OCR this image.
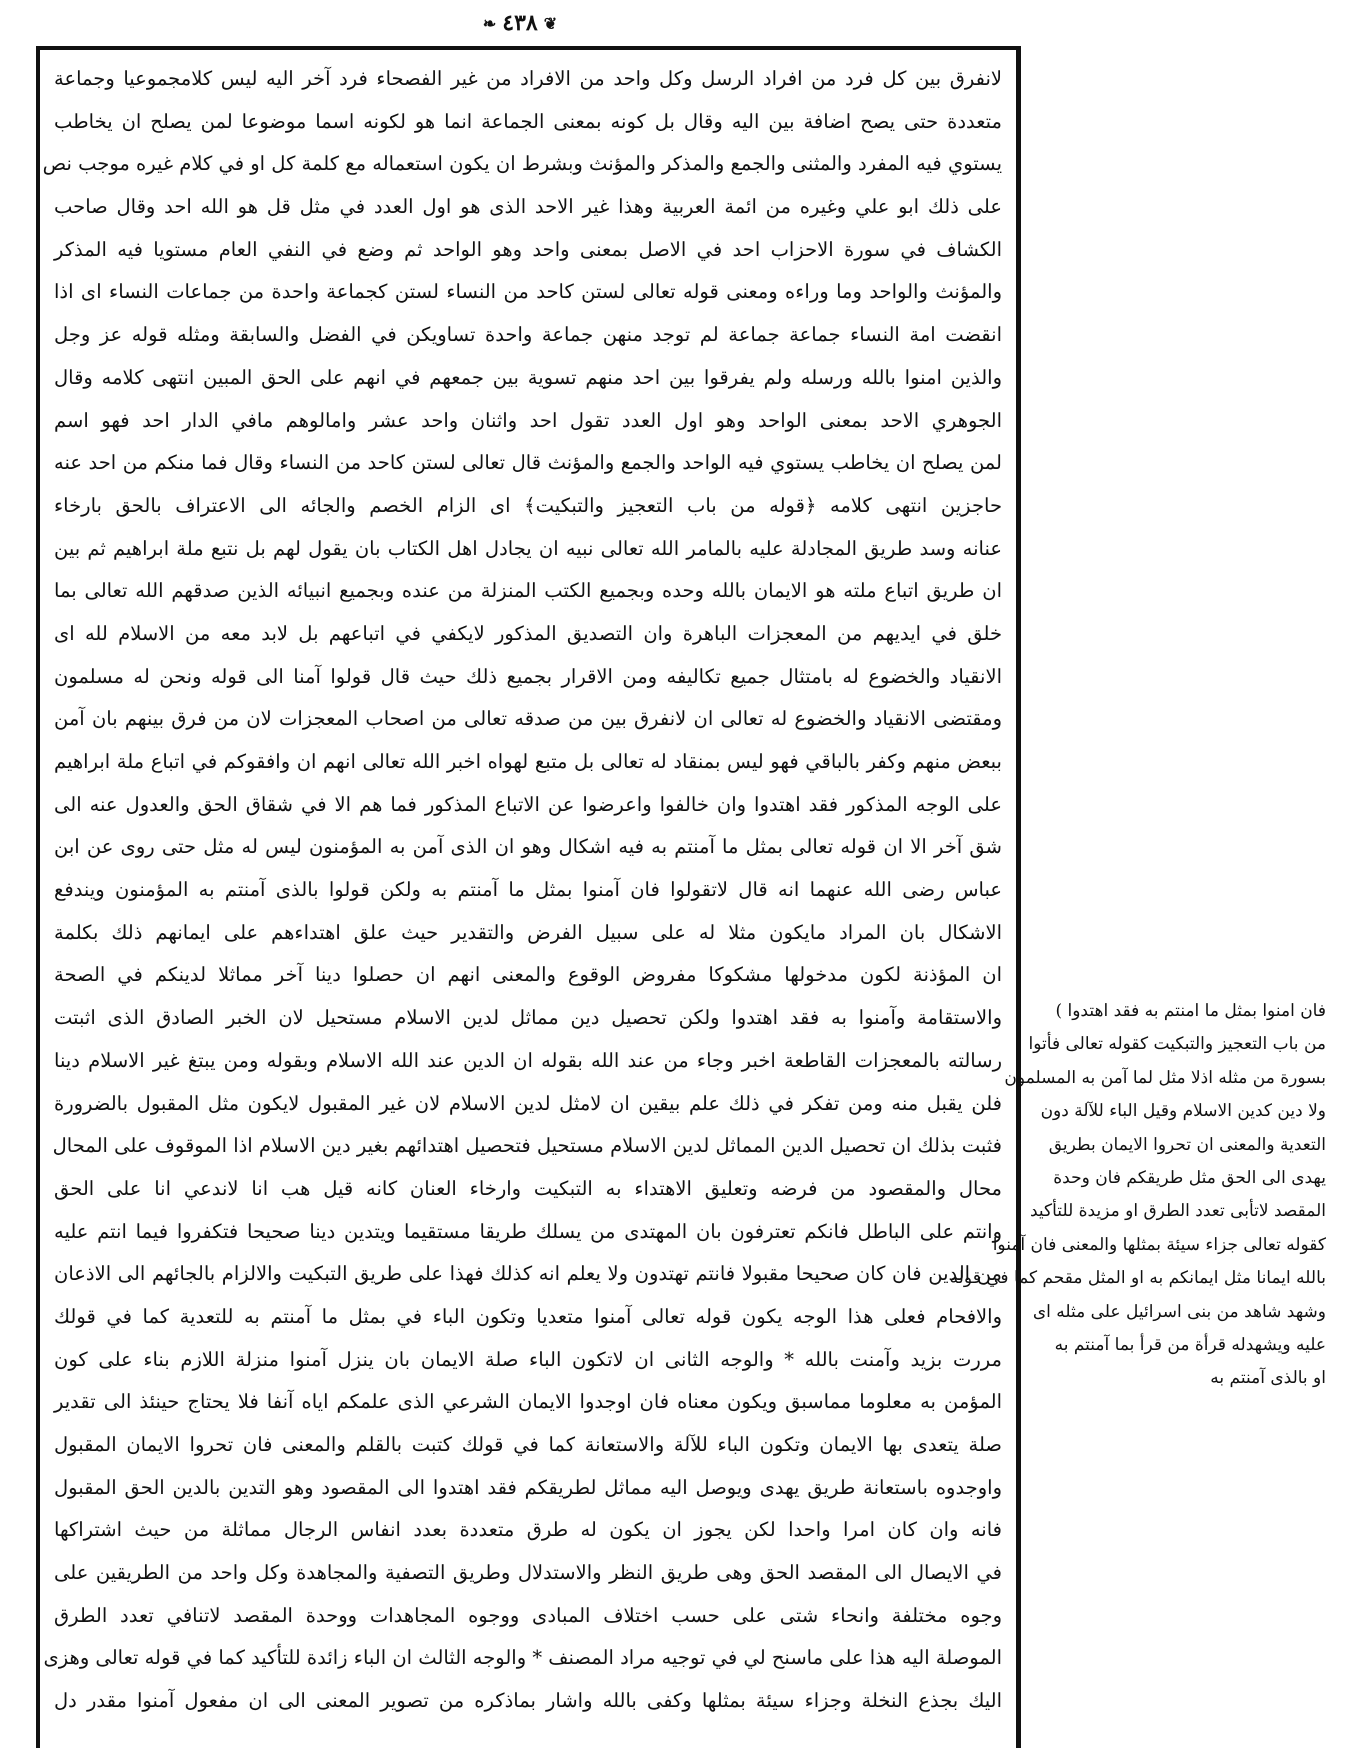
❦
٤٣٨
❧
لانفرق بين كل فرد من افراد الرسل وكل واحد من الافراد من غير الفصحاء فرد آخر اليه ليس كلامجموعيا وجماعة
متعددة حتى يصح اضافة بين اليه وقال بل كونه بمعنى الجماعة انما هو لكونه اسما موضوعا لمن يصلح ان يخاطب
يستوي فيه المفرد والمثنى والجمع والمذكر والمؤنث وبشرط ان يكون استعماله مع كلمة كل او في كلام غيره موجب نص
على ذلك ابو علي وغيره من ائمة العربية وهذا غير الاحد الذى هو اول العدد في مثل قل هو الله احد وقال صاحب
الكشاف في سورة الاحزاب احد في الاصل بمعنى واحد وهو الواحد ثم وضع في النفي العام مستويا فيه المذكر
والمؤنث والواحد وما وراءه ومعنى قوله تعالى لستن كاحد من النساء لستن كجماعة واحدة من جماعات النساء اى اذا
انقضت امة النساء جماعة جماعة لم توجد منهن جماعة واحدة تساويكن في الفضل والسابقة ومثله قوله عز وجل
والذين امنوا بالله ورسله ولم يفرقوا بين احد منهم تسوية بين جمعهم في انهم على الحق المبين انتهى كلامه وقال
الجوهري الاحد بمعنى الواحد وهو اول العدد تقول احد واثنان واحد عشر وامالوهم مافي الدار احد فهو اسم
لمن يصلح ان يخاطب يستوي فيه الواحد والجمع والمؤنث قال تعالى لستن كاحد من النساء وقال فما منكم من احد عنه
حاجزين انتهى كلامه ﴿قوله من باب التعجيز والتبكيت﴾ اى الزام الخصم والجائه الى الاعتراف بالحق بارخاء
عنانه وسد طريق المجادلة عليه بالمامر الله تعالى نبيه ان يجادل اهل الكتاب بان يقول لهم بل نتبع ملة ابراهيم ثم بين
ان طريق اتباع ملته هو الايمان بالله وحده وبجميع الكتب المنزلة من عنده وبجميع انبيائه الذين صدقهم الله تعالى بما
خلق في ايديهم من المعجزات الباهرة وان التصديق المذكور لايكفي في اتباعهم بل لابد معه من الاسلام لله اى
الانقياد والخضوع له بامتثال جميع تكاليفه ومن الاقرار بجميع ذلك حيث قال قولوا آمنا الى قوله ونحن له مسلمون
ومقتضى الانقياد والخضوع له تعالى ان لانفرق بين من صدقه تعالى من اصحاب المعجزات لان من فرق بينهم بان آمن
ببعض منهم وكفر بالباقي فهو ليس بمنقاد له تعالى بل متبع لهواه اخبر الله تعالى انهم ان وافقوكم في اتباع ملة ابراهيم
على الوجه المذكور فقد اهتدوا وان خالفوا واعرضوا عن الاتباع المذكور فما هم الا في شقاق الحق والعدول عنه الى
شق آخر الا ان قوله تعالى بمثل ما آمنتم به فيه اشكال وهو ان الذى آمن به المؤمنون ليس له مثل حتى روى عن ابن
عباس رضى الله عنهما انه قال لاتقولوا فان آمنوا بمثل ما آمنتم به ولكن قولوا بالذى آمنتم به المؤمنون ويندفع
الاشكال بان المراد مايكون مثلا له على سبيل الفرض والتقدير حيث علق اهتداءهم على ايمانهم ذلك بكلمة
ان المؤذنة لكون مدخولها مشكوكا مفروض الوقوع والمعنى انهم ان حصلوا دينا آخر مماثلا لدينكم في الصحة
والاستقامة وآمنوا به فقد اهتدوا ولكن تحصيل دين مماثل لدين الاسلام مستحيل لان الخبر الصادق الذى اثبتت
رسالته بالمعجزات القاطعة اخبر وجاء من عند الله بقوله ان الدين عند الله الاسلام وبقوله ومن يبتغ غير الاسلام دينا
فلن يقبل منه ومن تفكر في ذلك علم بيقين ان لامثل لدين الاسلام لان غير المقبول لايكون مثل المقبول بالضرورة
فثبت بذلك ان تحصيل الدين المماثل لدين الاسلام مستحيل فتحصيل اهتدائهم بغير دين الاسلام اذا الموقوف على المحال
محال والمقصود من فرضه وتعليق الاهتداء به التبكيت وارخاء العنان كانه قيل هب انا لاندعي انا على الحق
وانتم على الباطل فانكم تعترفون بان المهتدى من يسلك طريقا مستقيما ويتدين دينا صحيحا فتكفروا فيما انتم عليه
من الدين فان كان صحيحا مقبولا فانتم تهتدون ولا يعلم انه كذلك فهذا على طريق التبكيت والالزام بالجائهم الى الاذعان
والافحام فعلى هذا الوجه يكون قوله تعالى آمنوا متعديا وتكون الباء في بمثل ما آمنتم به للتعدية كما في قولك
مررت بزيد وآمنت بالله * والوجه الثانى ان لاتكون الباء صلة الايمان بان ينزل آمنوا منزلة اللازم بناء على كون
المؤمن به معلوما مماسبق ويكون معناه فان اوجدوا الايمان الشرعي الذى علمكم اياه آنفا فلا يحتاج حينئذ الى تقدير
صلة يتعدى بها الايمان وتكون الباء للآلة والاستعانة كما في قولك كتبت بالقلم والمعنى فان تحروا الايمان المقبول
واوجدوه باستعانة طريق يهدى ويوصل اليه مماثل لطريقكم فقد اهتدوا الى المقصود وهو التدين بالدين الحق المقبول
فانه وان كان امرا واحدا لكن يجوز ان يكون له طرق متعددة بعدد انفاس الرجال مماثلة من حيث اشتراكها
في الايصال الى المقصد الحق وهى طريق النظر والاستدلال وطريق التصفية والمجاهدة وكل واحد من الطريقين على
وجوه مختلفة وانحاء شتى على حسب اختلاف المبادى ووجوه المجاهدات ووحدة المقصد لاتنافي تعدد الطرق
الموصلة اليه هذا على ماسنح لي في توجيه مراد المصنف * والوجه الثالث ان الباء زائدة للتأكيد كما في قوله تعالى وهزى
اليك بجذع النخلة وجزاء سيئة بمثلها وكفى بالله واشار بماذكره من تصوير المعنى الى ان مفعول آمنوا مقدر دل
فان امنوا بمثل ما امنتم به فقد اهتدوا )
من باب التعجيز والتبكيت كقوله تعالى فأتوا
بسورة من مثله اذلا مثل لما آمن به المسلمون
ولا دين كدين الاسلام وقيل الباء للآلة دون
التعدية والمعنى ان تحروا الايمان بطريق
يهدى الى الحق مثل طريقكم فان وحدة
المقصد لاتأبى تعدد الطرق او مزيدة للتأكيد
كقوله تعالى جزاء سيئة بمثلها والمعنى فان آمنوا
بالله ايمانا مثل ايمانكم به او المثل مقحم كما في قوله
وشهد شاهد من بنى اسرائيل على مثله اى
عليه ويشهدله قرأة من قرأ بما آمنتم به
او بالذى آمنتم به
